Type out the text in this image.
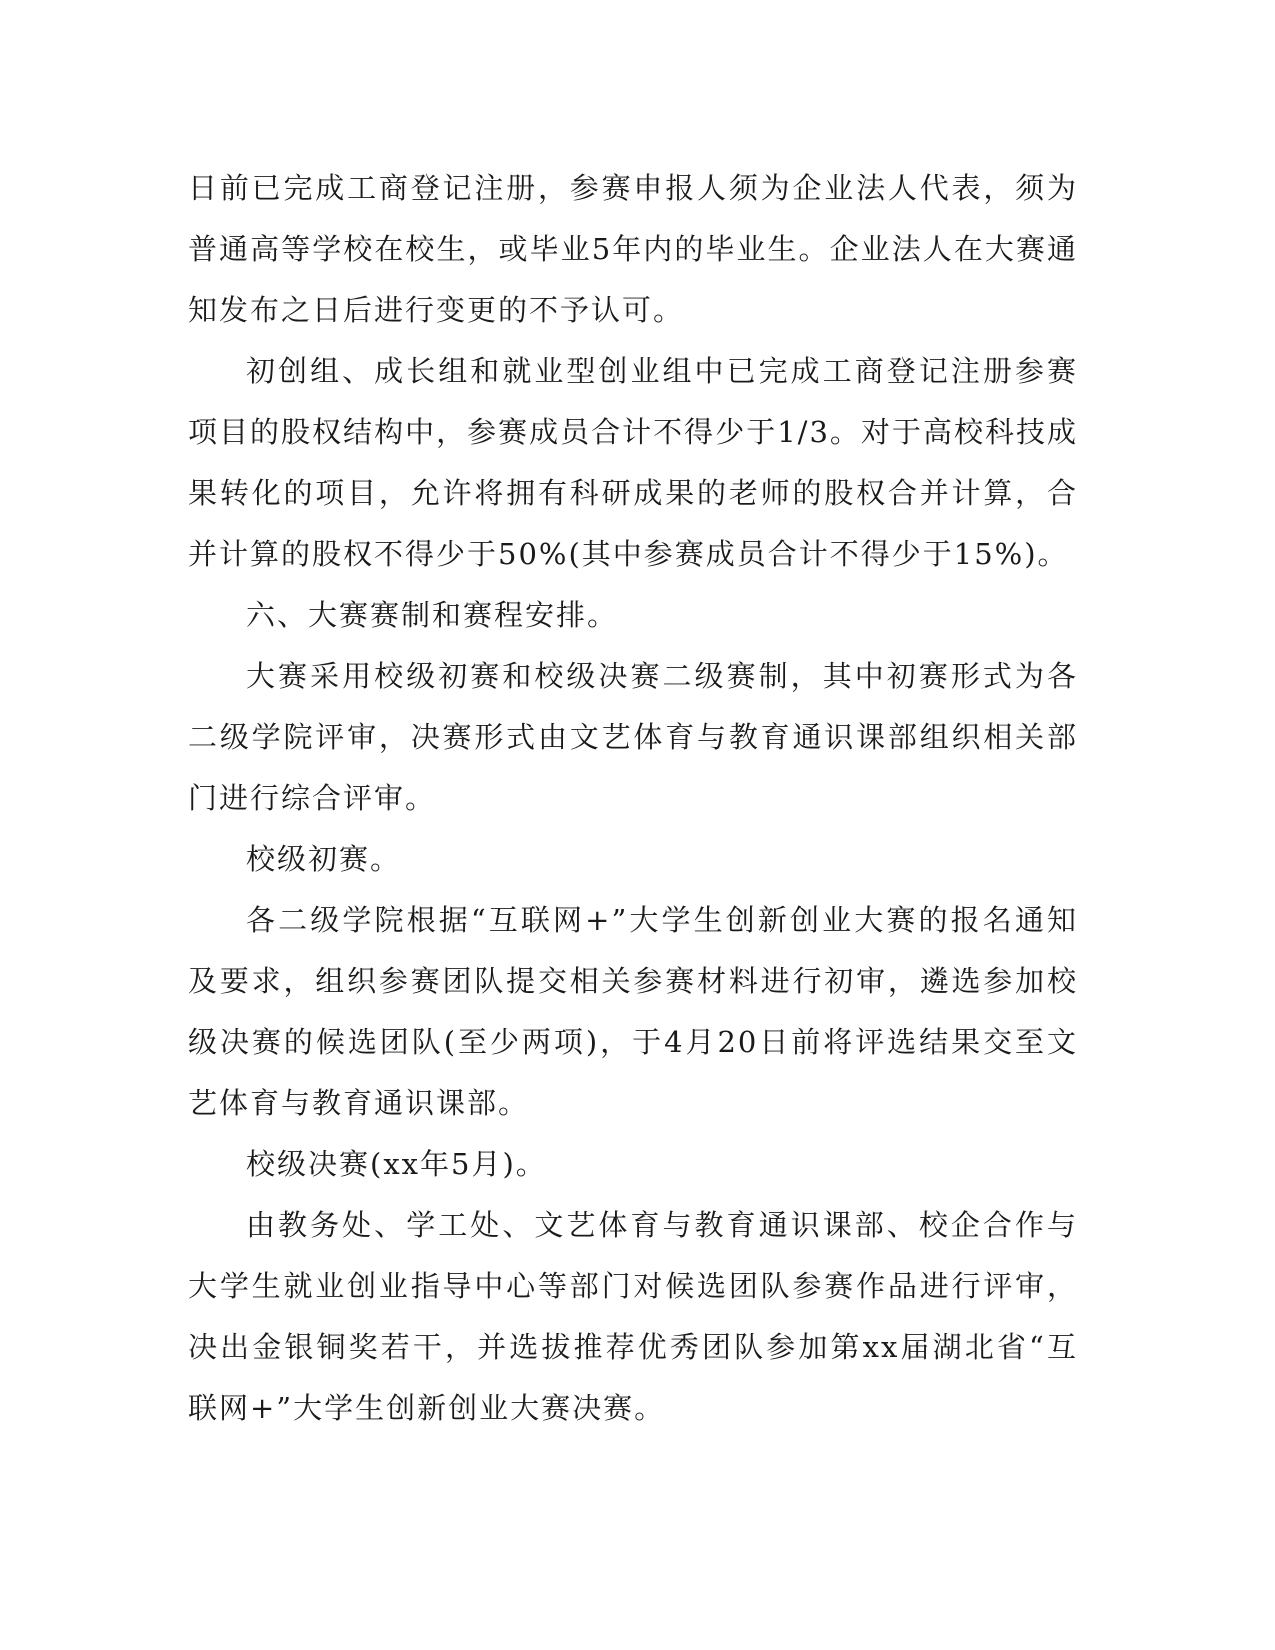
日前已完成工商登记注册，参赛申报人须为企业法人代表，须为普通高等学校在校生，或毕业5年内的毕业生。企业法人在大赛通知发布之日后进行变更的不予认可。

初创组、成长组和就业型创业组中已完成工商登记注册参赛项目的股权结构中，参赛成员合计不得少于1/3。对于高校科技成果转化的项目，允许将拥有科研成果的老师的股权合并计算，合并计算的股权不得少于50%(其中参赛成员合计不得少于15%)。

六、大赛赛制和赛程安排。

大赛采用校级初赛和校级决赛二级赛制，其中初赛形式为各二级学院评审，决赛形式由文艺体育与教育通识课部组织相关部门进行综合评审。

校级初赛。

各二级学院根据“互联网+”大学生创新创业大赛的报名通知及要求，组织参赛团队提交相关参赛材料进行初审，遴选参加校级决赛的候选团队(至少两项)，于4月20日前将评选结果交至文艺体育与教育通识课部。

校级决赛(xx年5月)。

由教务处、学工处、文艺体育与教育通识课部、校企合作与大学生就业创业指导中心等部门对候选团队参赛作品进行评审，决出金银铜奖若干，并选拔推荐优秀团队参加第xx届湖北省“互联网+”大学生创新创业大赛决赛。
